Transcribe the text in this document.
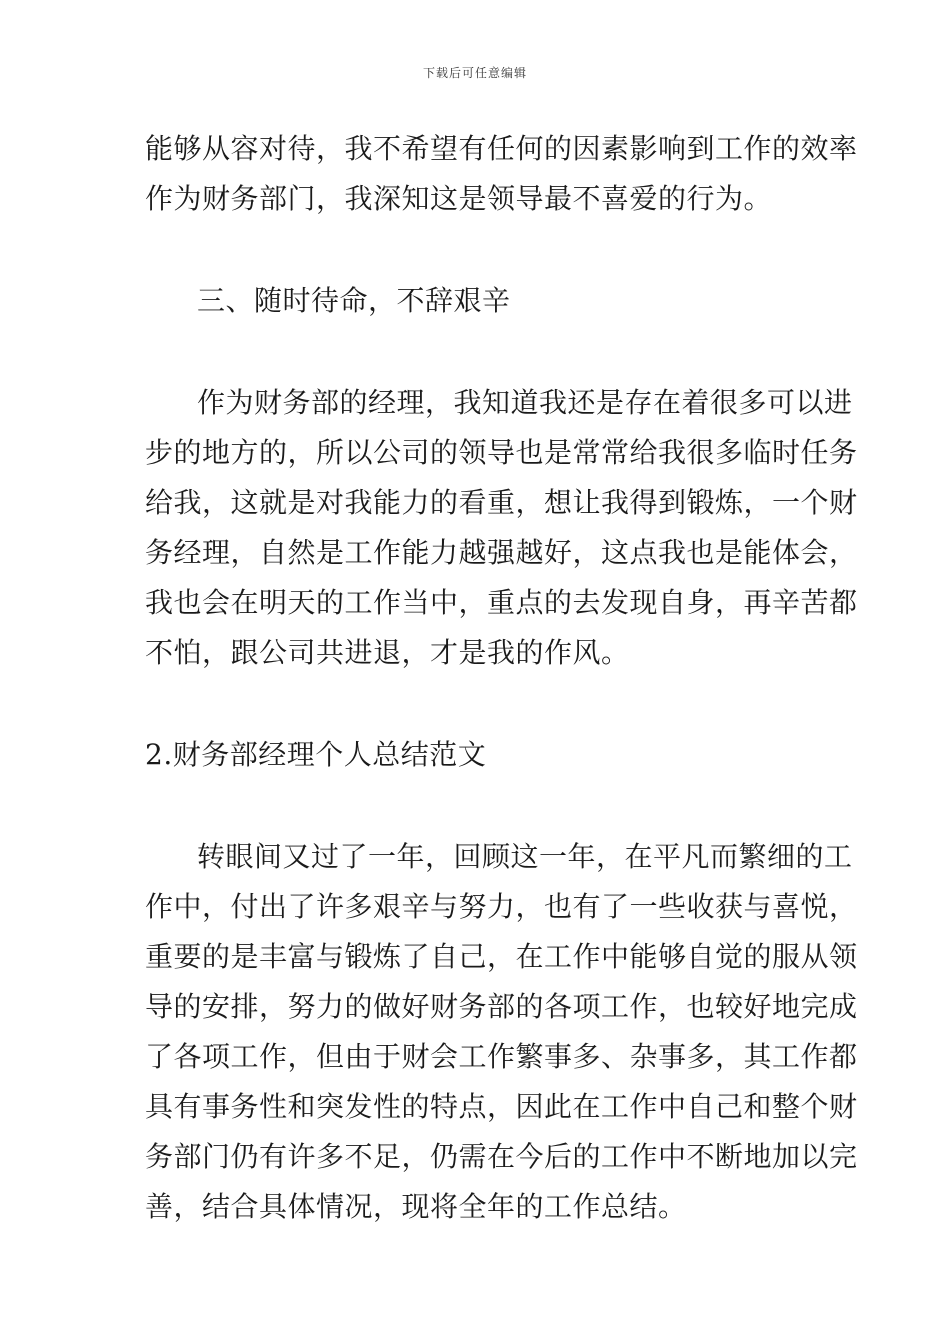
下载后可任意编辑
能够从容对待，我不希望有任何的因素影响到工作的效率
作为财务部门，我深知这是领导最不喜爱的行为。
三、随时待命，不辞艰辛
作为财务部的经理，我知道我还是存在着很多可以进
步的地方的，所以公司的领导也是常常给我很多临时任务
给我，这就是对我能力的看重，想让我得到锻炼，一个财
务经理，自然是工作能力越强越好，这点我也是能体会，
我也会在明天的工作当中，重点的去发现自身，再辛苦都
不怕，跟公司共进退，才是我的作风。
2.财务部经理个人总结范文
转眼间又过了一年，回顾这一年，在平凡而繁细的工
作中，付出了许多艰辛与努力，也有了一些收获与喜悦，
重要的是丰富与锻炼了自己，在工作中能够自觉的服从领
导的安排，努力的做好财务部的各项工作，也较好地完成
了各项工作，但由于财会工作繁事多、杂事多，其工作都
具有事务性和突发性的特点，因此在工作中自己和整个财
务部门仍有许多不足，仍需在今后的工作中不断地加以完
善，结合具体情况，现将全年的工作总结。
